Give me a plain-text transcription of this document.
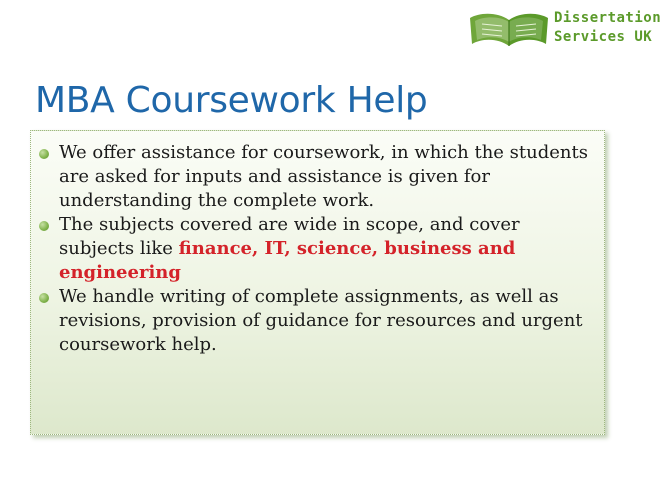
Dissertation
Services UK
MBA Coursework Help
We offer assistance for coursework, in which the students are asked for inputs and assistance is given for understanding the complete work.
The subjects covered are wide in scope, and cover subjects like finance, IT, science, business and engineering
We handle writing of complete assignments, as well as revisions, provision of guidance for resources and urgent coursework help.
